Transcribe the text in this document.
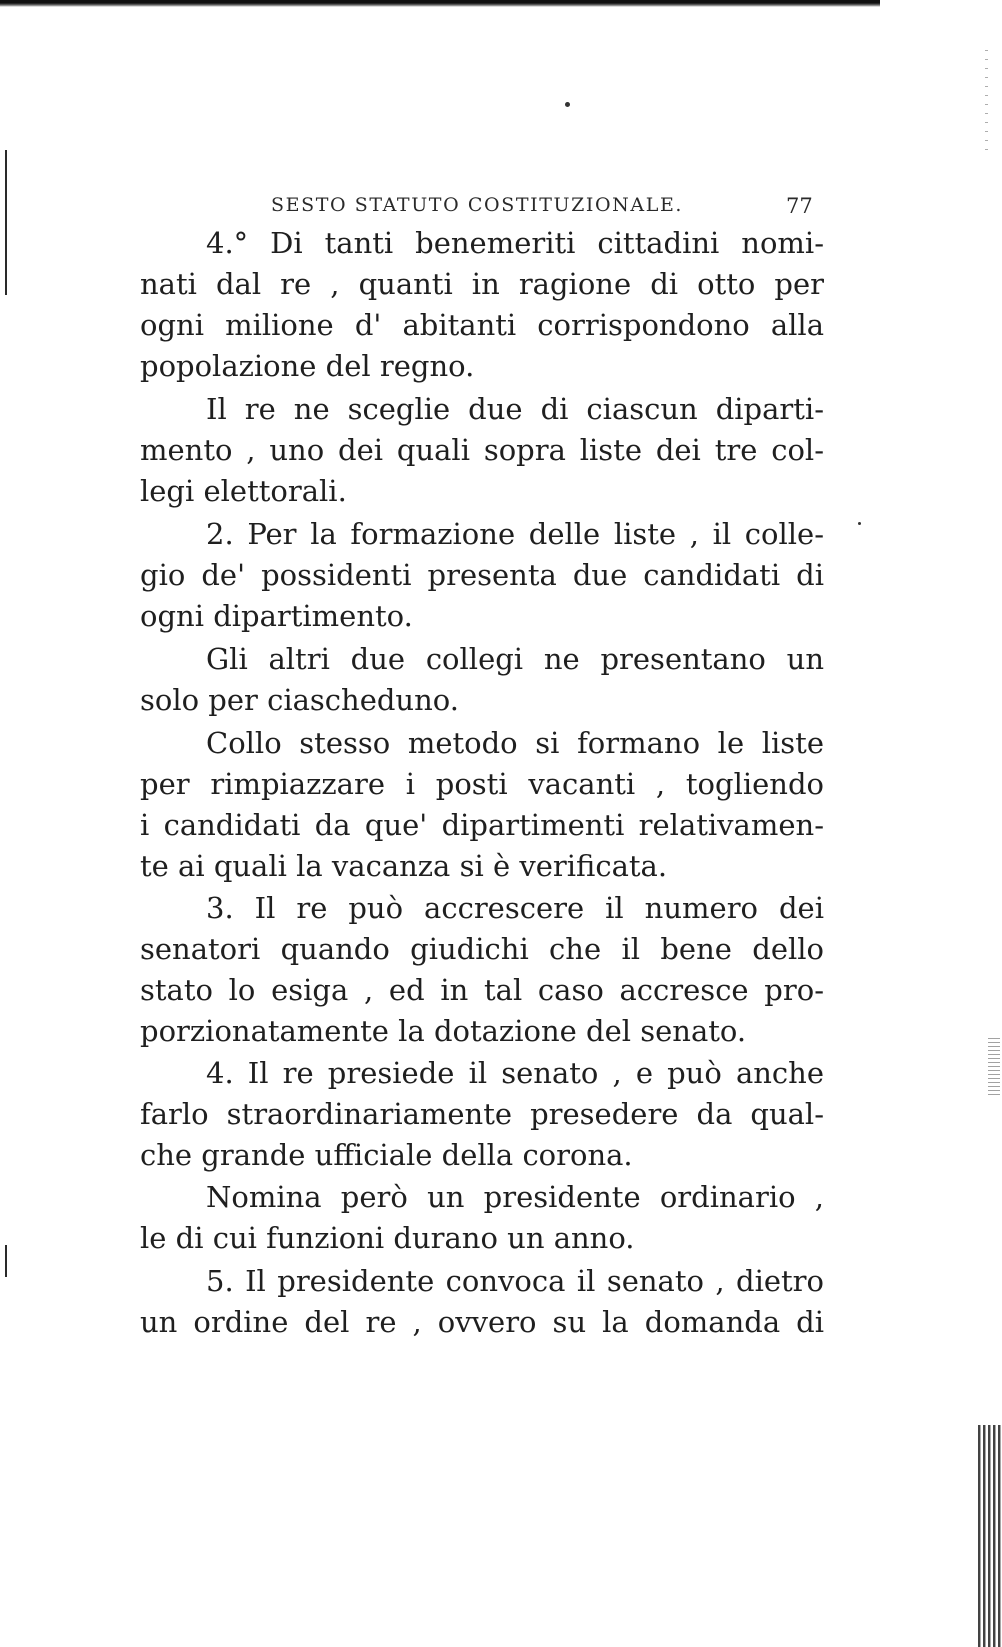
SESTO STATUTO COSTITUZIONALE.	77
4.° Di tanti benemeriti cittadini nomi-
nati dal re , quanti in ragione di otto per
ogni milione d' abitanti corrispondono alla
popolazione del regno.
Il re ne sceglie due di ciascun diparti-
mento , uno dei quali sopra liste dei tre col-
legi elettorali.
2. Per la formazione delle liste , il colle-
gio de' possidenti presenta due candidati di
ogni dipartimento.
Gli altri due collegi ne presentano un
solo per ciascheduno.
Collo stesso metodo si formano le liste
per rimpiazzare i posti vacanti , togliendo
i candidati da que' dipartimenti relativamen-
te ai quali la vacanza si è verificata.
3. Il re può accrescere il numero dei
senatori quando giudichi che il bene dello
stato lo esiga , ed in tal caso accresce pro-
porzionatamente la dotazione del senato.
4. Il re presiede il senato , e può anche
farlo straordinariamente presedere da qual-
che grande ufficiale della corona.
Nomina però un presidente ordinario ,
le di cui funzioni durano un anno.
5. Il presidente convoca il senato , dietro
un ordine del re , ovvero su la domanda di
